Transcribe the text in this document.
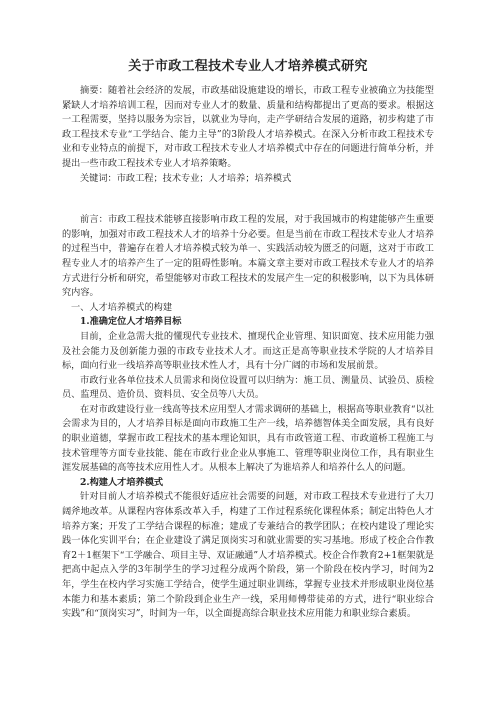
关于市政工程技术专业人才培养模式研究

摘要：随着社会经济的发展，市政基础设施建设的增长，市政工程专业被确立为技能型紧缺人才培养培训工程，因而对专业人才的数量、质量和结构都提出了更高的要求。根据这一工程需要，坚持以服务为宗旨，以就业为导向，走产学研结合发展的道路，初步构建了市政工程技术专业“工学结合、能力主导”的3阶段人才培养模式。在深入分析市政工程技术专业和专业特点的前提下，对市政工程技术专业人才培养模式中存在的问题进行简单分析，并提出一些市政工程技术专业人才培养策略。

关键词：市政工程；技术专业；人才培养；培养模式

前言：市政工程技术能够直接影响市政工程的发展，对于我国城市的构建能够产生重要的影响，加强对市政工程技术人才的培养十分必要。但是当前在市政工程技术专业人才培养的过程当中，普遍存在着人才培养模式较为单一、实践活动较为匮乏的问题，这对于市政工程专业人才的培养产生了一定的阻碍性影响。本篇文章主要对市政工程技术专业人才的培养方式进行分析和研究，希望能够对市政工程技术的发展产生一定的积极影响，以下为具体研究内容。

一、人才培养模式的构建

1.准确定位人才培养目标

目前，企业急需大批的懂现代专业技术、擅现代企业管理、知识面宽、技术应用能力强及社会能力及创新能力强的市政专业技术人才。而这正是高等职业技术学院的人才培养目标，面向行业一线培养高等职业技术性人才，具有十分广阔的市场和发展前景。

市政行业各单位技术人员需求和岗位设置可以归纳为：施工员、测量员、试验员、质检员、监理员、造价员、资料员、安全员等八大员。

在对市政建设行业一线高等技术应用型人才需求调研的基础上，根据高等职业教育“以社会需求为目的，人才培养目标是面向市政施工生产一线，培养德智体美全面发展，具有良好的职业道德，掌握市政工程技术的基本理论知识，具有市政管道工程、市政道桥工程施工与技术管理等方面专业技能、能在市政行业企业从事施工、管理等职业岗位工作，具有职业生涯发展基础的高等技术应用性人才。从根本上解决了为谁培养人和培养什么人的问题。

2.构建人才培养模式

针对目前人才培养模式不能很好适应社会需要的问题，对市政工程技术专业进行了大刀阔斧地改革。从课程内容体系改革入手，构建了工作过程系统化课程体系；制定出特色人才培养方案；开发了工学结合课程的标准；建成了专兼结合的教学团队；在校内建设了理论实践一体化实训平台；在企业建设了满足顶岗实习和就业需要的实习基地。形成了校企合作教育2＋1框架下“工学融合、项目主导、双证融通”人才培养模式。校企合作教育2+1框架就是把高中起点入学的3年制学生的学习过程分成两个阶段，第一个阶段在校内学习，时间为2年，学生在校内学习实施工学结合，使学生通过职业训练，掌握专业技术并形成职业岗位基本能力和基本素质；第二个阶段到企业生产一线，采用师傅带徒弟的方式，进行“职业综合实践”和“顶岗实习”，时间为一年，以全面提高综合职业技术应用能力和职业综合素质。
